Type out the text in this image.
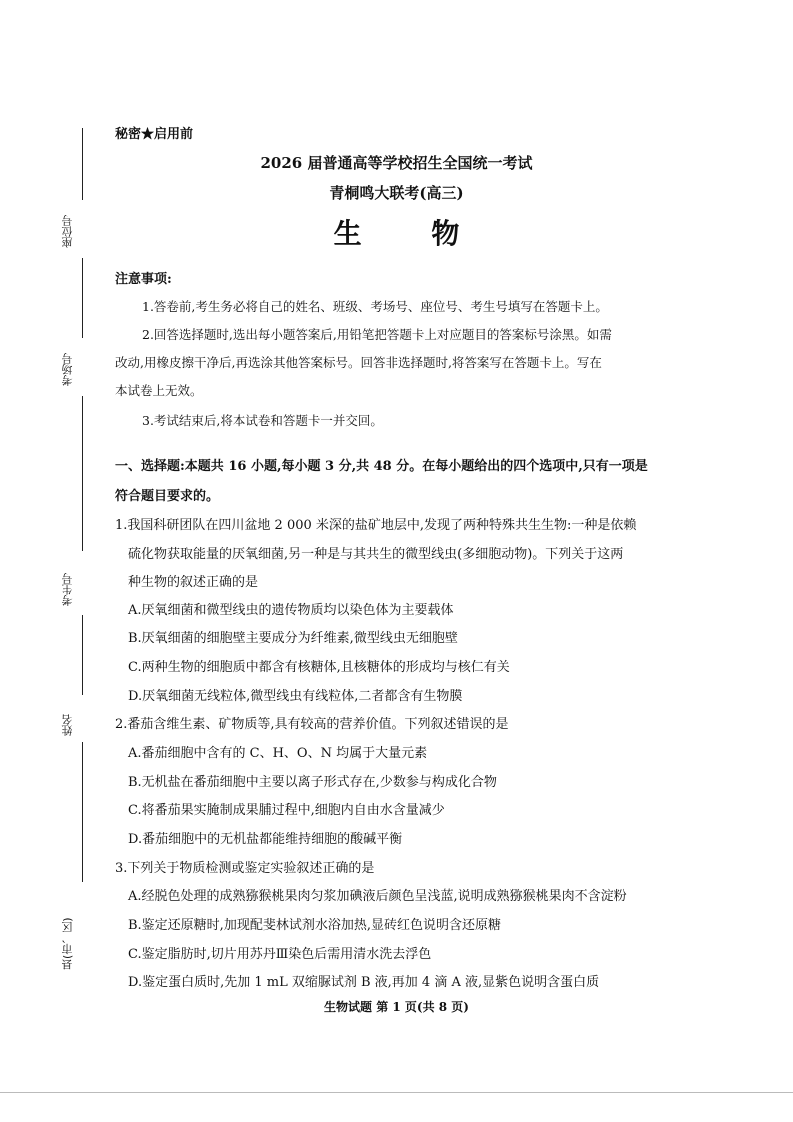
座位号
考场号
考生号
姓名
县(市、区)
秘密★启用前
2026 届普通高等学校招生全国统一考试
青桐鸣大联考(高三)
生 物
注意事项:
1.答卷前,考生务必将自己的姓名、班级、考场号、座位号、考生号填写在答题卡上。
2.回答选择题时,选出每小题答案后,用铅笔把答题卡上对应题目的答案标号涂黑。如需
改动,用橡皮擦干净后,再选涂其他答案标号。回答非选择题时,将答案写在答题卡上。写在
本试卷上无效。
3.考试结束后,将本试卷和答题卡一并交回。
一、选择题:本题共 16 小题,每小题 3 分,共 48 分。在每小题给出的四个选项中,只有一项是
符合题目要求的。
1.我国科研团队在四川盆地 2 000 米深的盐矿地层中,发现了两种特殊共生生物:一种是依赖
硫化物获取能量的厌氧细菌,另一种是与其共生的微型线虫(多细胞动物)。下列关于这两
种生物的叙述正确的是
A.厌氧细菌和微型线虫的遗传物质均以染色体为主要载体
B.厌氧细菌的细胞壁主要成分为纤维素,微型线虫无细胞壁
C.两种生物的细胞质中都含有核糖体,且核糖体的形成均与核仁有关
D.厌氧细菌无线粒体,微型线虫有线粒体,二者都含有生物膜
2.番茄含维生素、矿物质等,具有较高的营养价值。下列叙述错误的是
A.番茄细胞中含有的 C、H、O、N 均属于大量元素
B.无机盐在番茄细胞中主要以离子形式存在,少数参与构成化合物
C.将番茄果实腌制成果脯过程中,细胞内自由水含量减少
D.番茄细胞中的无机盐都能维持细胞的酸碱平衡
3.下列关于物质检测或鉴定实验叙述正确的是
A.经脱色处理的成熟猕猴桃果肉匀浆加碘液后颜色呈浅蓝,说明成熟猕猴桃果肉不含淀粉
B.鉴定还原糖时,加现配斐林试剂水浴加热,显砖红色说明含还原糖
C.鉴定脂肪时,切片用苏丹Ⅲ染色后需用清水洗去浮色
D.鉴定蛋白质时,先加 1 mL 双缩脲试剂 B 液,再加 4 滴 A 液,显紫色说明含蛋白质
生物试题 第 1 页(共 8 页)
